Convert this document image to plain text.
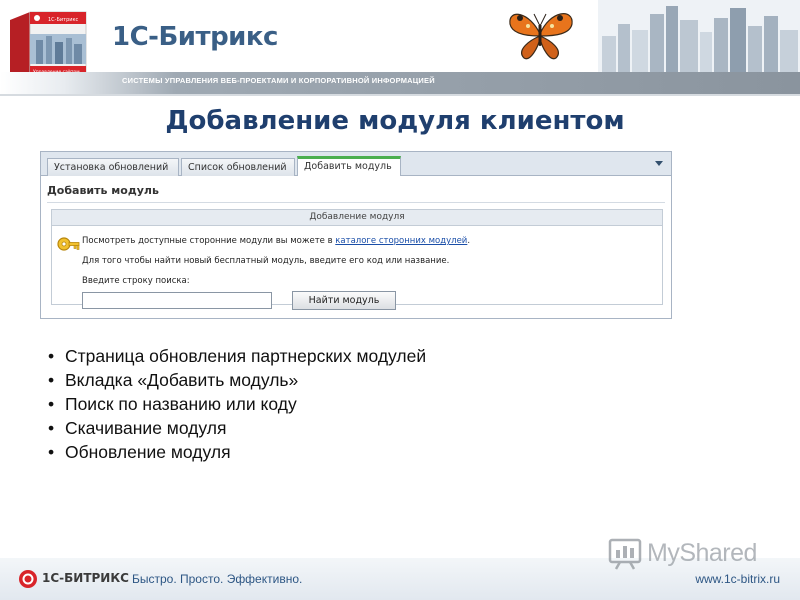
1С-Битрикс
1С-Битрикс
СИСТЕМЫ УПРАВЛЕНИЯ ВЕБ-ПРОЕКТАМИ И КОРПОРАТИВНОЙ ИНФОРМАЦИЕЙ
Добавление модуля клиентом
Установка обновлений	Список обновлений	Добавить модуль
Добавить модуль
Добавление модуля
Посмотреть доступные сторонние модули вы можете в каталоге сторонних модулей.
Для того чтобы найти новый бесплатный модуль, введите его код или название.
Введите строку поиска:
Найти модуль
• Страница обновления партнерских модулей
• Вкладка «Добавить модуль»
• Поиск по названию или коду
• Скачивание модуля
• Обновление модуля
1С-БИТРИКС Быстро. Просто. Эффективно.	www.1c-bitrix.ru
MyShared
